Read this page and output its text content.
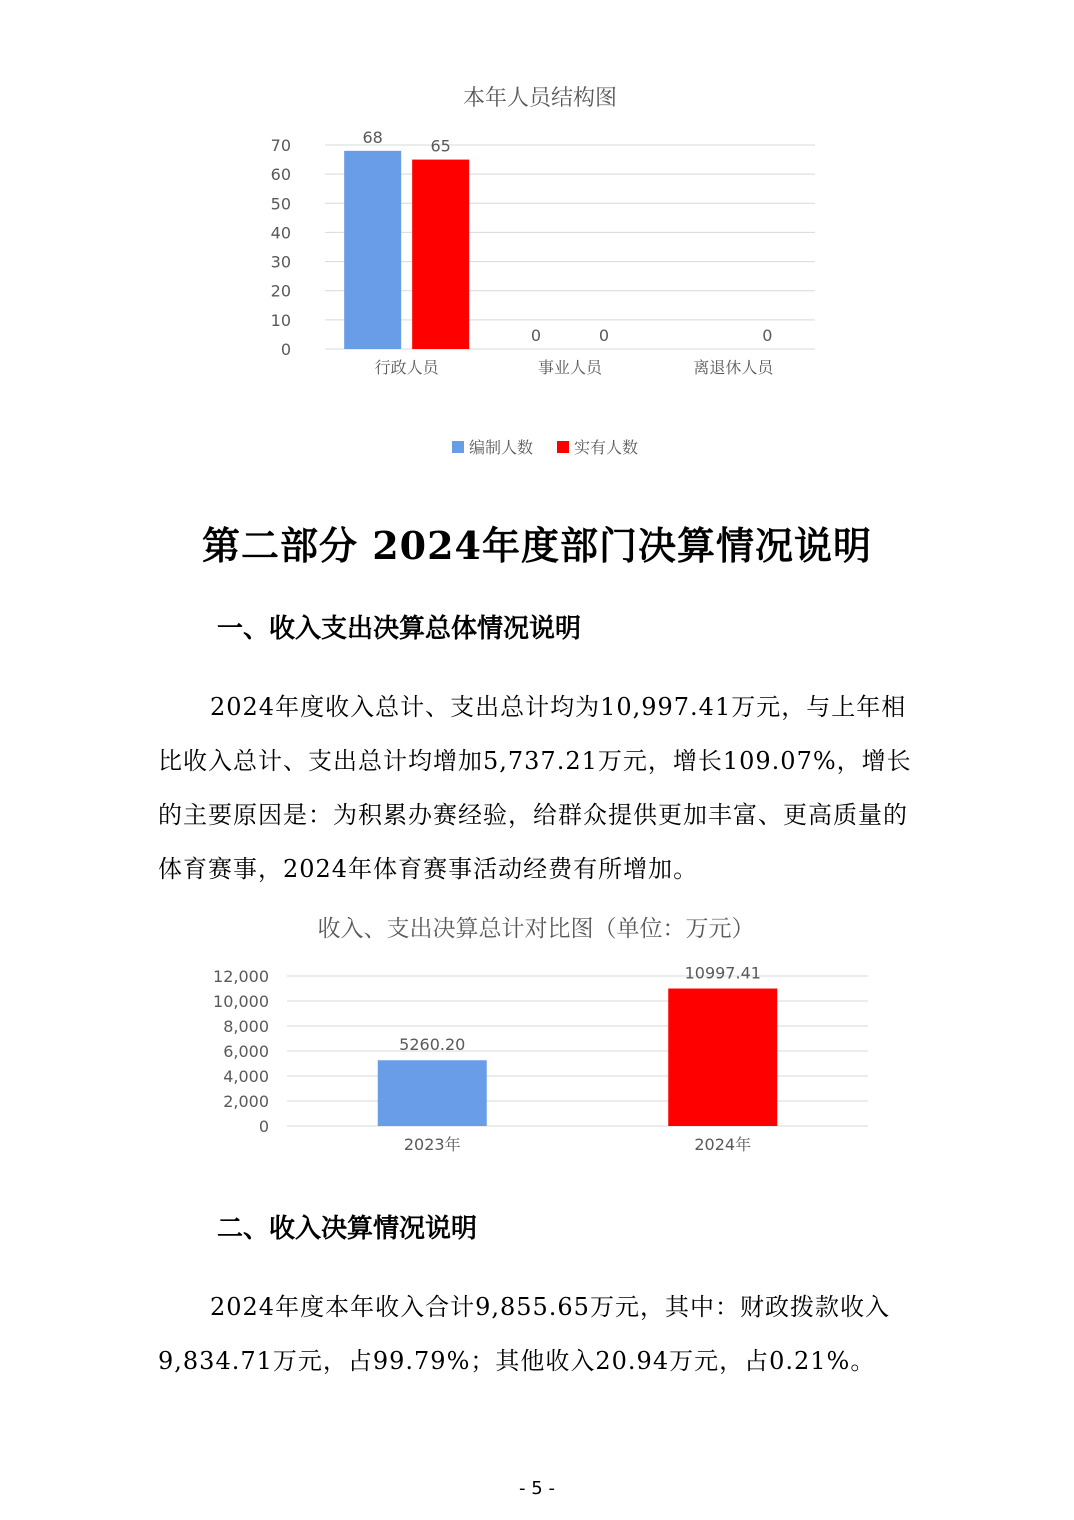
本年人员结构图
0
10
20
30
40
50
60
70
行政人员
68	65
事业人员
0	0
离退休人员
0
编制人数	实有人数
第二部分 2024年度部门决算情况说明
一、收入支出决算总体情况说明

2024年度收入总计、支出总计均为10,997.41万元，与上年相比收入总计、支出总计均增加5,737.21万元，增长109.07%，增长的主要原因是：为积累办赛经验，给群众提供更加丰富、更高质量的体育赛事，2024年体育赛事活动经费有所增加。

收入、支出决算总计对比图（单位：万元）
0
2,000
4,000
6,000
8,000
10,000
12,000
5260.20
2023年
10997.41
2024年
二、收入决算情况说明

2024年度本年收入合计9,855.65万元，其中：财政拨款收入9,834.71万元，占99.79%；其他收入20.94万元，占0.21%。

- 5 -
